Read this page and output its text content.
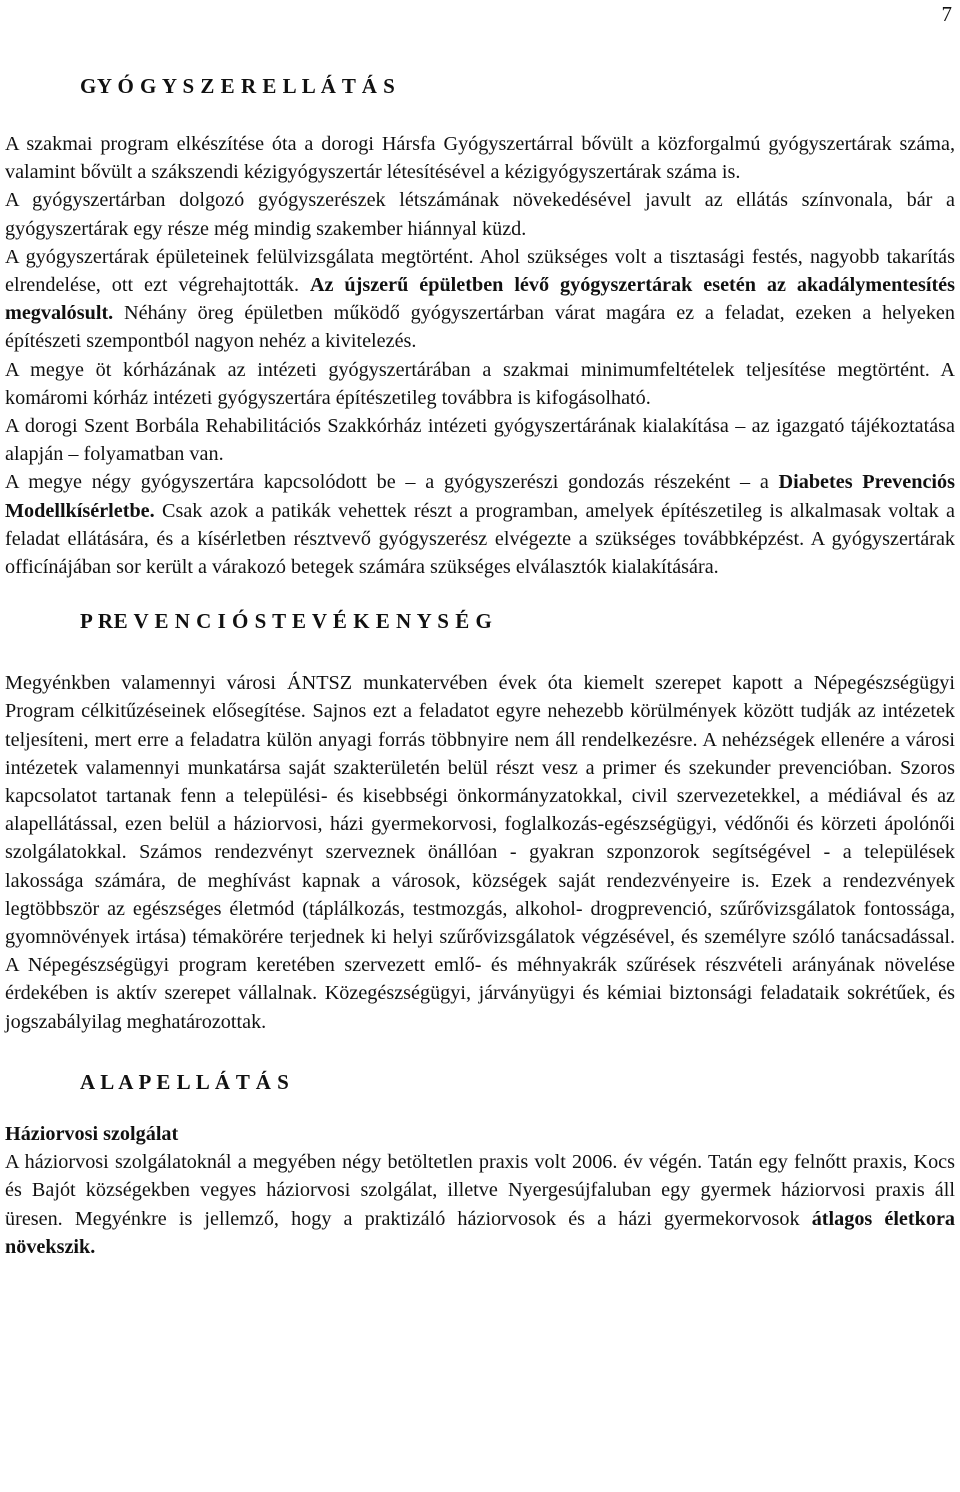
7
GY Ó G Y S Z E R E L L Á T Á S

A szakmai program elkészítése óta a dorogi Hársfa Gyógyszertárral bővült a közforgalmú gyógyszertárak száma, valamint bővült a szákszendi kézigyógyszertár létesítésével a kézigyógyszertárak száma is.

A gyógyszertárban dolgozó gyógyszerészek létszámának növekedésével javult az ellátás színvonala, bár a gyógyszertárak egy része még mindig szakember hiánnyal küzd.

A gyógyszertárak épületeinek felülvizsgálata megtörtént. Ahol szükséges volt a tisztasági festés, nagyobb takarítás elrendelése, ott ezt végrehajtották. Az újszerű épületben lévő gyógyszertárak esetén az akadálymentesítés megvalósult. Néhány öreg épületben működő gyógyszertárban várat magára ez a feladat, ezeken a helyeken építészeti szempontból nagyon nehéz a kivitelezés.

A megye öt kórházának az intézeti gyógyszertárában a szakmai minimumfeltételek teljesítése megtörtént. A komáromi kórház intézeti gyógyszertára építészetileg továbbra is kifogásolható.

A dorogi Szent Borbála Rehabilitációs Szakkórház intézeti gyógyszertárának kialakítása – az igazgató tájékoztatása alapján – folyamatban van.

A megye négy gyógyszertára kapcsolódott be – a gyógyszerészi gondozás részeként – a Diabetes Prevenciós Modellkísérletbe. Csak azok a patikák vehettek részt a programban, amelyek építészetileg is alkalmasak voltak a feladat ellátására, és a kísérletben résztvevő gyógyszerész elvégezte a szükséges továbbképzést. A gyógyszertárak officínájában sor került a várakozó betegek számára szükséges elválasztók kialakítására.

P RE V E N C I Ó S T E V É K E N Y S É G

Megyénkben valamennyi városi ÁNTSZ munkatervében évek óta kiemelt szerepet kapott a Népegészségügyi Program célkitűzéseinek elősegítése. Sajnos ezt a feladatot egyre nehezebb körülmények között tudják az intézetek teljesíteni, mert erre a feladatra külön anyagi forrás többnyire nem áll rendelkezésre. A nehézségek ellenére a városi intézetek valamennyi munkatársa saját szakterületén belül részt vesz a primer és szekunder prevencióban. Szoros kapcsolatot tartanak fenn a települési- és kisebbségi önkormányzatokkal, civil szervezetekkel, a médiával és az alapellátással, ezen belül a háziorvosi, házi gyermekorvosi, foglalkozás-egészségügyi, védőnői és körzeti ápolónői szolgálatokkal. Számos rendezvényt szerveznek önállóan - gyakran szponzorok segítségével - a települések lakossága számára, de meghívást kapnak a városok, községek saját rendezvényeire is. Ezek a rendezvények legtöbbször az egészséges életmód (táplálkozás, testmozgás, alkohol- drogprevenció, szűrővizsgálatok fontossága, gyomnövények irtása) témakörére terjednek ki helyi szűrővizsgálatok végzésével, és személyre szóló tanácsadással. A Népegészségügyi program keretében szervezett emlő- és méhnyakrák szűrések részvételi arányának növelése érdekében is aktív szerepet vállalnak. Közegészségügyi, járványügyi és kémiai biztonsági feladataik sokrétűek, és jogszabályilag meghatározottak.

A L A P E L L Á T Á S

Háziorvosi szolgálat

A háziorvosi szolgálatoknál a megyében négy betöltetlen praxis volt 2006. év végén. Tatán egy felnőtt praxis, Kocs és Bajót községekben vegyes háziorvosi szolgálat, illetve Nyergesújfaluban egy gyermek háziorvosi praxis áll üresen. Megyénkre is jellemző, hogy a praktizáló háziorvosok és a házi gyermekorvosok átlagos életkora növekszik.
